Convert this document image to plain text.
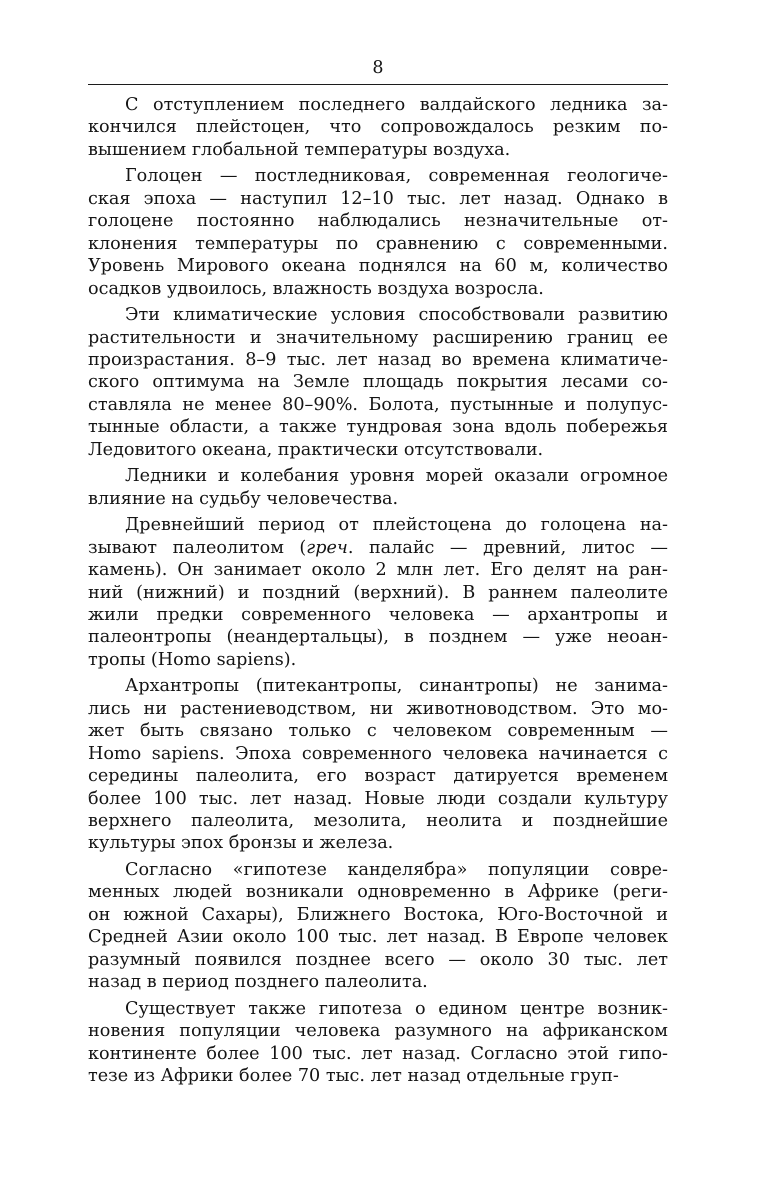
8
С отступлением последнего валдайского ледника за-
кончился плейстоцен, что сопровождалось резким по-
вышением глобальной температуры воздуха.
Голоцен — постледниковая, современная геологиче-
ская эпоха — наступил 12–10 тыс. лет назад. Однако в
голоцене постоянно наблюдались незначительные от-
клонения температуры по сравнению с современными.
Уровень Мирового океана поднялся на 60 м, количество
осадков удвоилось, влажность воздуха возросла.
Эти климатические условия способствовали развитию
растительности и значительному расширению границ ее
произрастания. 8–9 тыс. лет назад во времена климатиче-
ского оптимума на Земле площадь покрытия лесами со-
ставляла не менее 80–90%. Болота, пустынные и полупус-
тынные области, а также тундровая зона вдоль побережья
Ледовитого океана, практически отсутствовали.
Ледники и колебания уровня морей оказали огромное
влияние на судьбу человечества.
Древнейший период от плейстоцена до голоцена на-
зывают палеолитом (греч. палайс — древний, литос —
камень). Он занимает около 2 млн лет. Его делят на ран-
ний (нижний) и поздний (верхний). В раннем палеолите
жили предки современного человека — архантропы и
палеонтропы (неандертальцы), в позднем — уже неоан-
тропы (Homo sapiens).
Архантропы (питекантропы, синантропы) не занима-
лись ни растениеводством, ни животноводством. Это мо-
жет быть связано только с человеком современным —
Homo sapiens. Эпоха современного человека начинается с
середины палеолита, его возраст датируется временем
более 100 тыс. лет назад. Новые люди создали культуру
верхнего палеолита, мезолита, неолита и позднейшие
культуры эпох бронзы и железа.
Согласно «гипотезе канделябра» популяции совре-
менных людей возникали одновременно в Африке (реги-
он южной Сахары), Ближнего Востока, Юго-Восточной и
Средней Азии около 100 тыс. лет назад. В Европе человек
разумный появился позднее всего — около 30 тыс. лет
назад в период позднего палеолита.
Существует также гипотеза о едином центре возник-
новения популяции человека разумного на африканском
континенте более 100 тыс. лет назад. Согласно этой гипо-
тезе из Африки более 70 тыс. лет назад отдельные груп-
